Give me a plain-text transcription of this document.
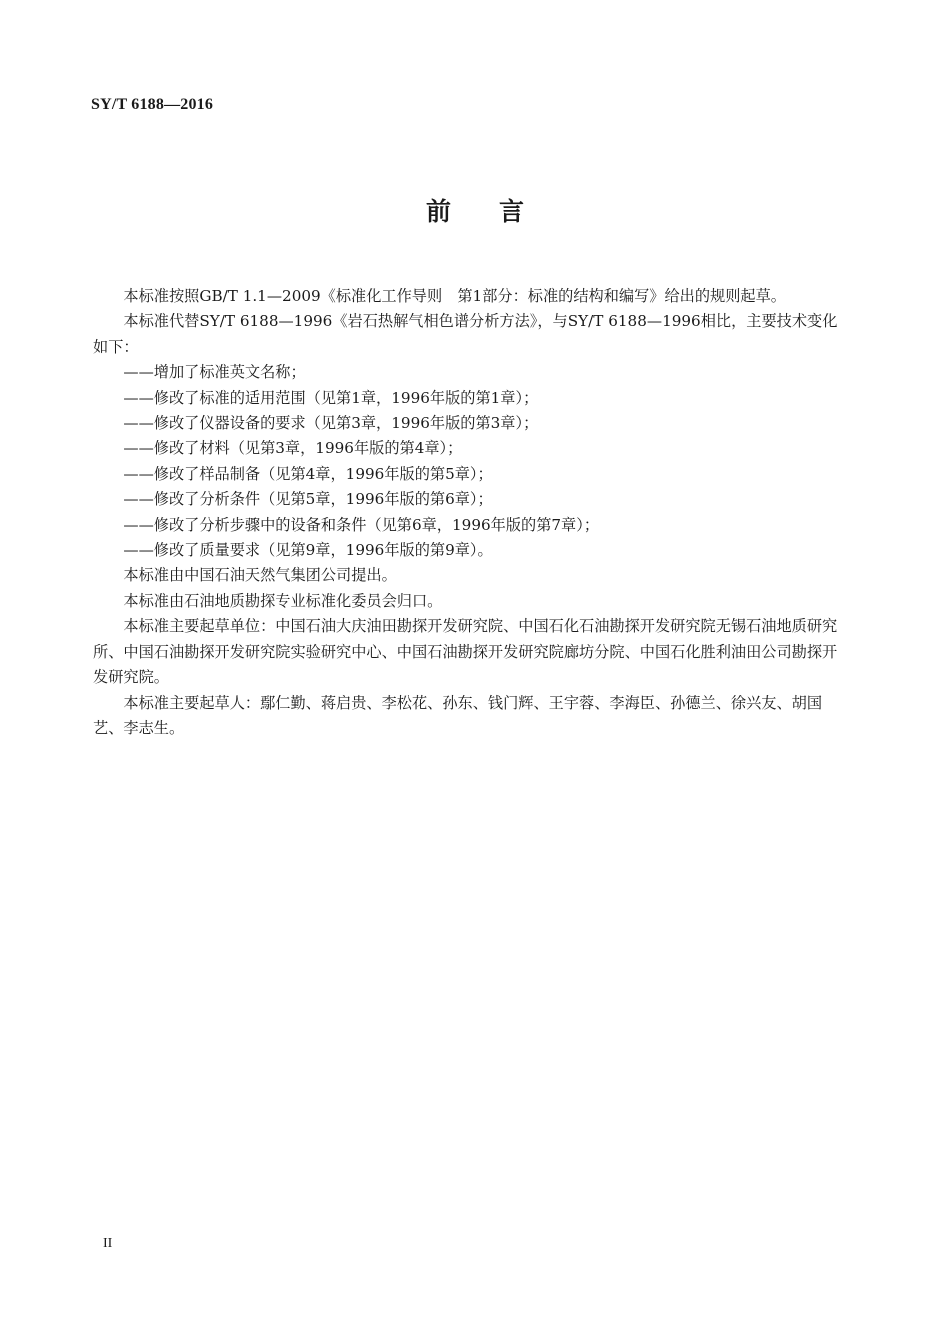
SY/T 6188—2016
前言

本标准按照GB/T 1.1—2009《标准化工作导则　第1部分：标准的结构和编写》给出的规则起草。

本标准代替SY/T 6188—1996《岩石热解气相色谱分析方法》，与SY/T 6188—1996相比，主要技术变化如下：

——增加了标准英文名称；

——修改了标准的适用范围（见第1章，1996年版的第1章）；

——修改了仪器设备的要求（见第3章，1996年版的第3章）；

——修改了材料（见第3章，1996年版的第4章）；

——修改了样品制备（见第4章，1996年版的第5章）；

——修改了分析条件（见第5章，1996年版的第6章）；

——修改了分析步骤中的设备和条件（见第6章，1996年版的第7章）；

——修改了质量要求（见第9章，1996年版的第9章）。

本标准由中国石油天然气集团公司提出。

本标准由石油地质勘探专业标准化委员会归口。

本标准主要起草单位：中国石油大庆油田勘探开发研究院、中国石化石油勘探开发研究院无锡石油地质研究所、中国石油勘探开发研究院实验研究中心、中国石油勘探开发研究院廊坊分院、中国石化胜利油田公司勘探开发研究院。

本标准主要起草人：鄢仁勤、蒋启贵、李松花、孙东、钱门辉、王宇蓉、李海臣、孙德兰、徐兴友、胡国艺、李志生。

II
